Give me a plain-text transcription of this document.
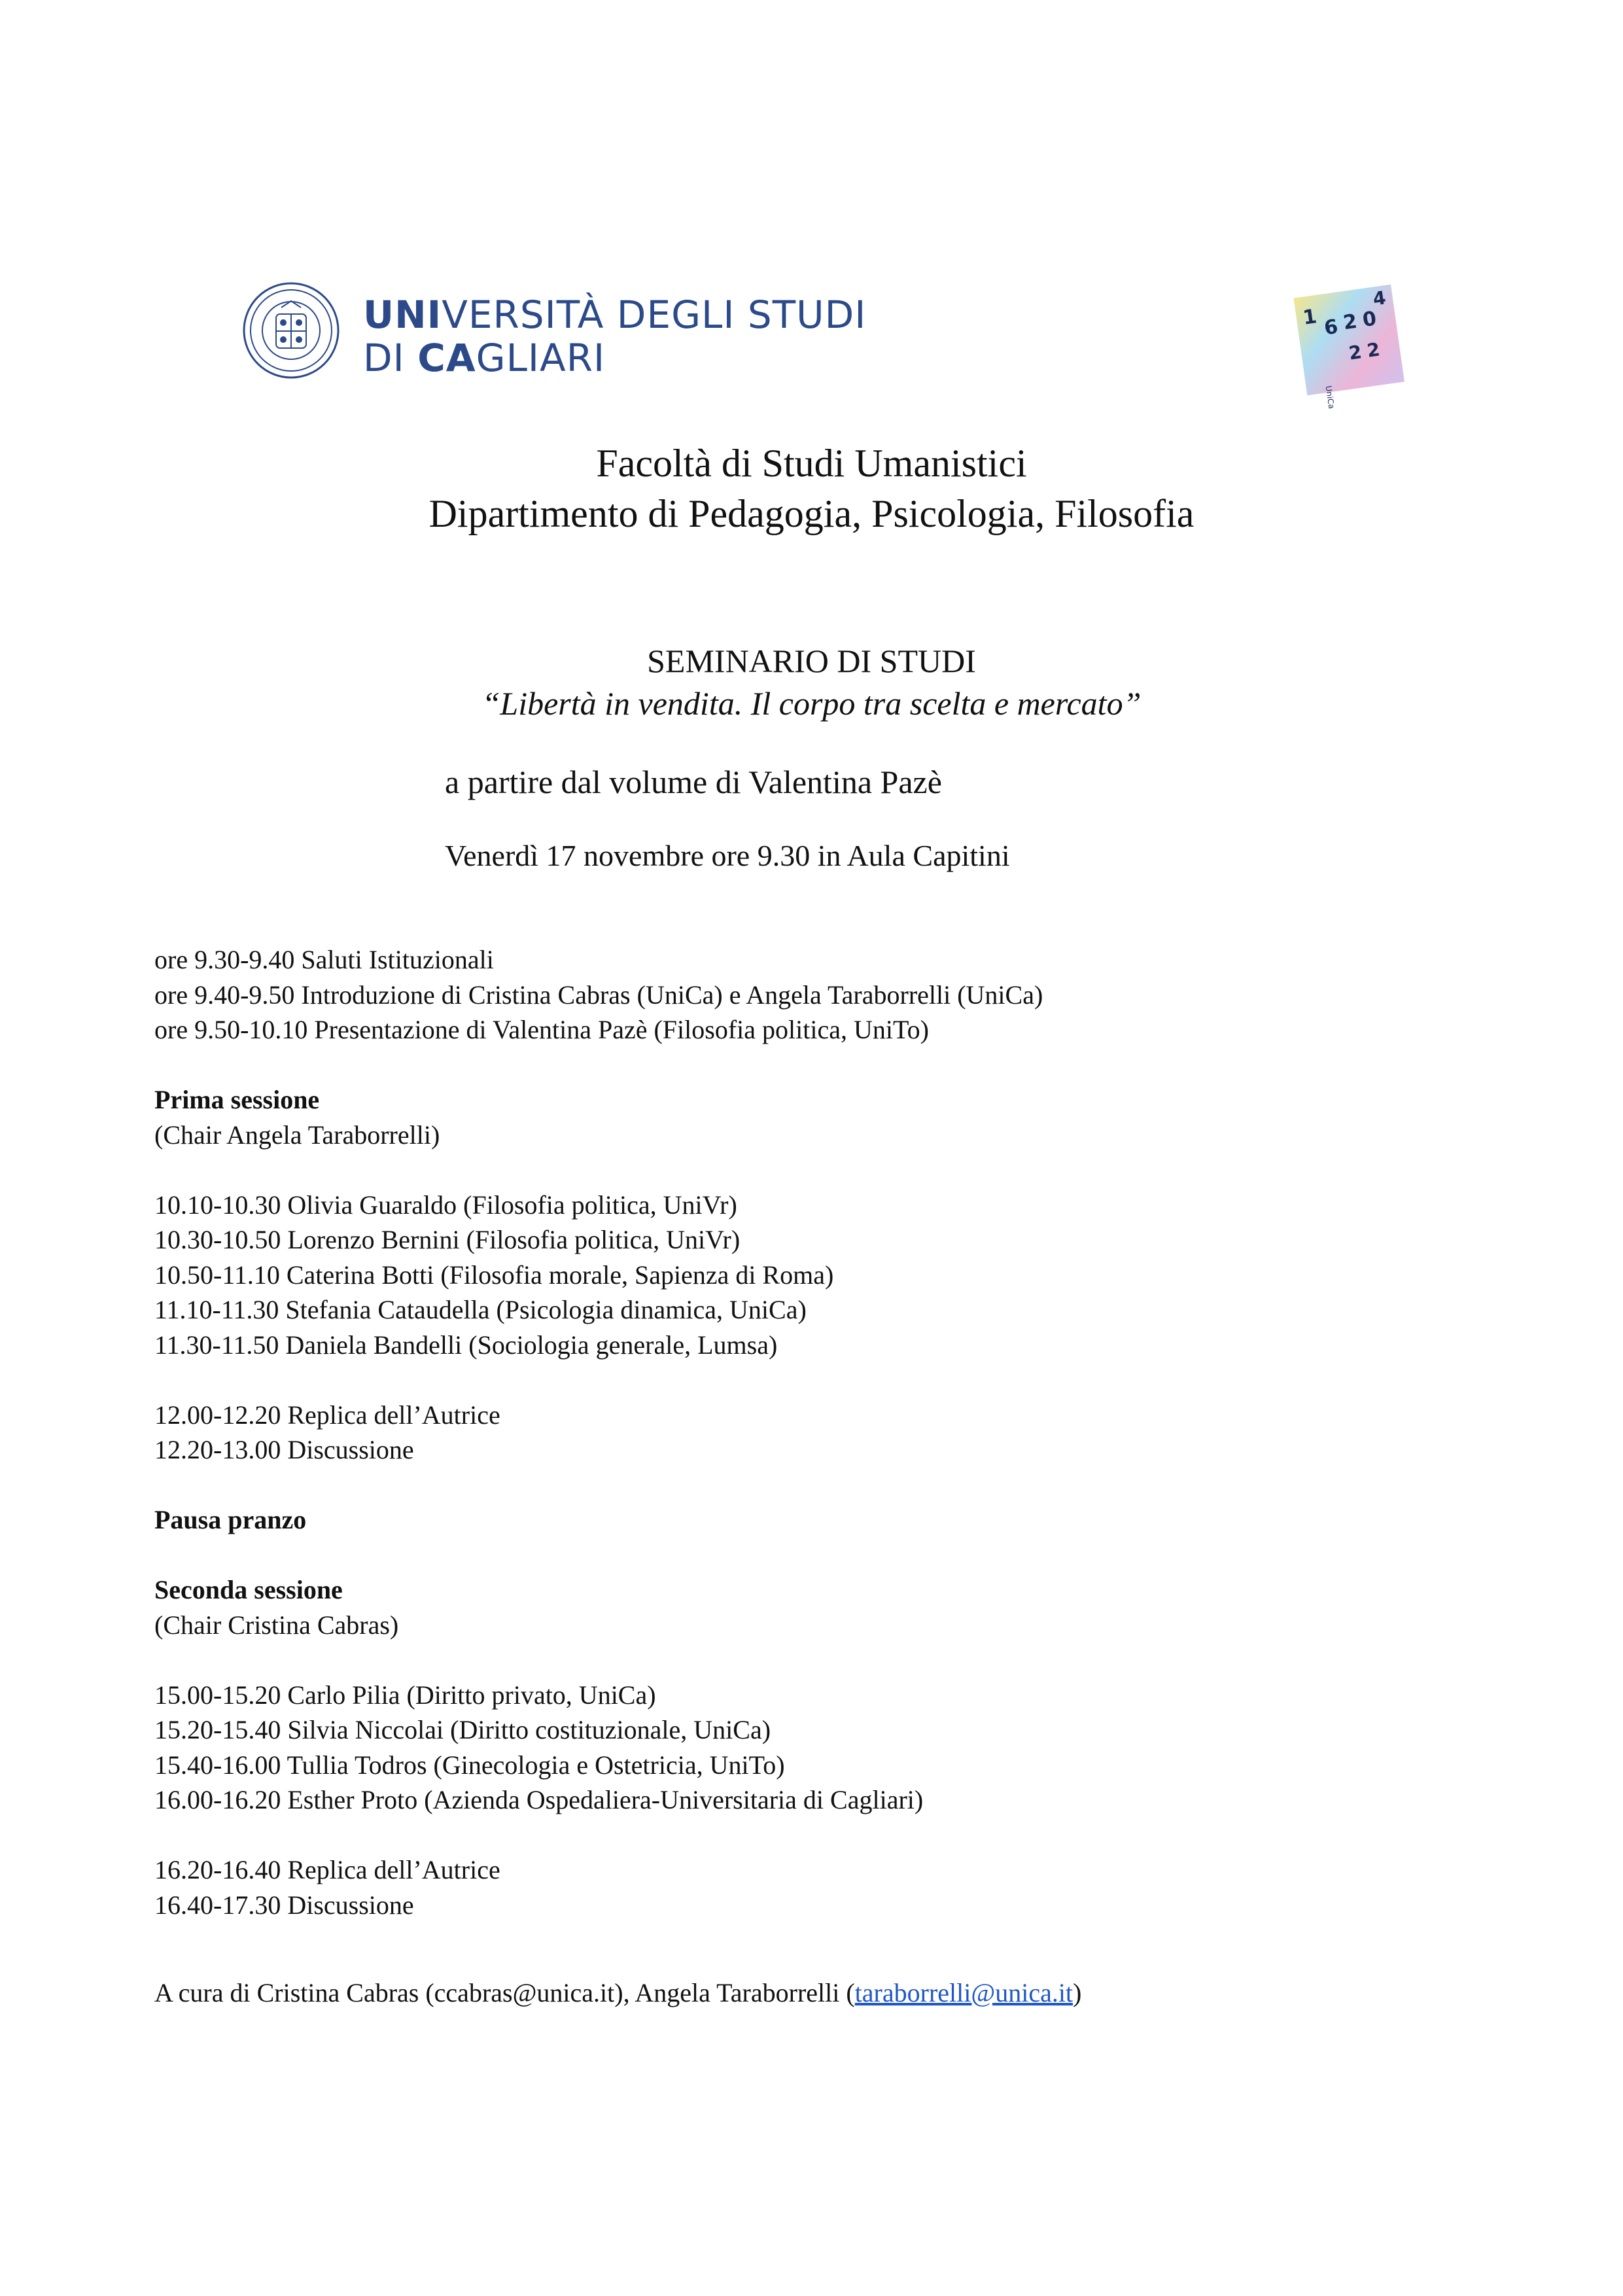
UNIVERSITÀ DEGLI STUDI
DI CAGLIARI
1 6 2 0
4
2 2
UniCa
Facoltà di Studi Umanistici
Dipartimento di Pedagogia, Psicologia, Filosofia
SEMINARIO DI STUDI
“Libertà in vendita. Il corpo tra scelta e mercato”
a partire dal volume di Valentina Pazè
Venerdì 17 novembre ore 9.30 in Aula Capitini
ore 9.30-9.40 Saluti Istituzionali
ore 9.40-9.50 Introduzione di Cristina Cabras (UniCa) e Angela Taraborrelli (UniCa)
ore 9.50-10.10 Presentazione di Valentina Pazè (Filosofia politica, UniTo)
Prima sessione
(Chair Angela Taraborrelli)
10.10-10.30 Olivia Guaraldo (Filosofia politica, UniVr)
10.30-10.50 Lorenzo Bernini (Filosofia politica, UniVr)
10.50-11.10 Caterina Botti (Filosofia morale, Sapienza di Roma)
11.10-11.30 Stefania Cataudella (Psicologia dinamica, UniCa)
11.30-11.50 Daniela Bandelli (Sociologia generale, Lumsa)
12.00-12.20 Replica dell’Autrice
12.20-13.00 Discussione
Pausa pranzo
Seconda sessione
(Chair Cristina Cabras)
15.00-15.20 Carlo Pilia (Diritto privato, UniCa)
15.20-15.40 Silvia Niccolai (Diritto costituzionale, UniCa)
15.40-16.00 Tullia Todros (Ginecologia e Ostetricia, UniTo)
16.00-16.20 Esther Proto (Azienda Ospedaliera-Universitaria di Cagliari)
16.20-16.40 Replica dell’Autrice
16.40-17.30 Discussione
A cura di Cristina Cabras (ccabras@unica.it), Angela Taraborrelli (taraborrelli@unica.it)
